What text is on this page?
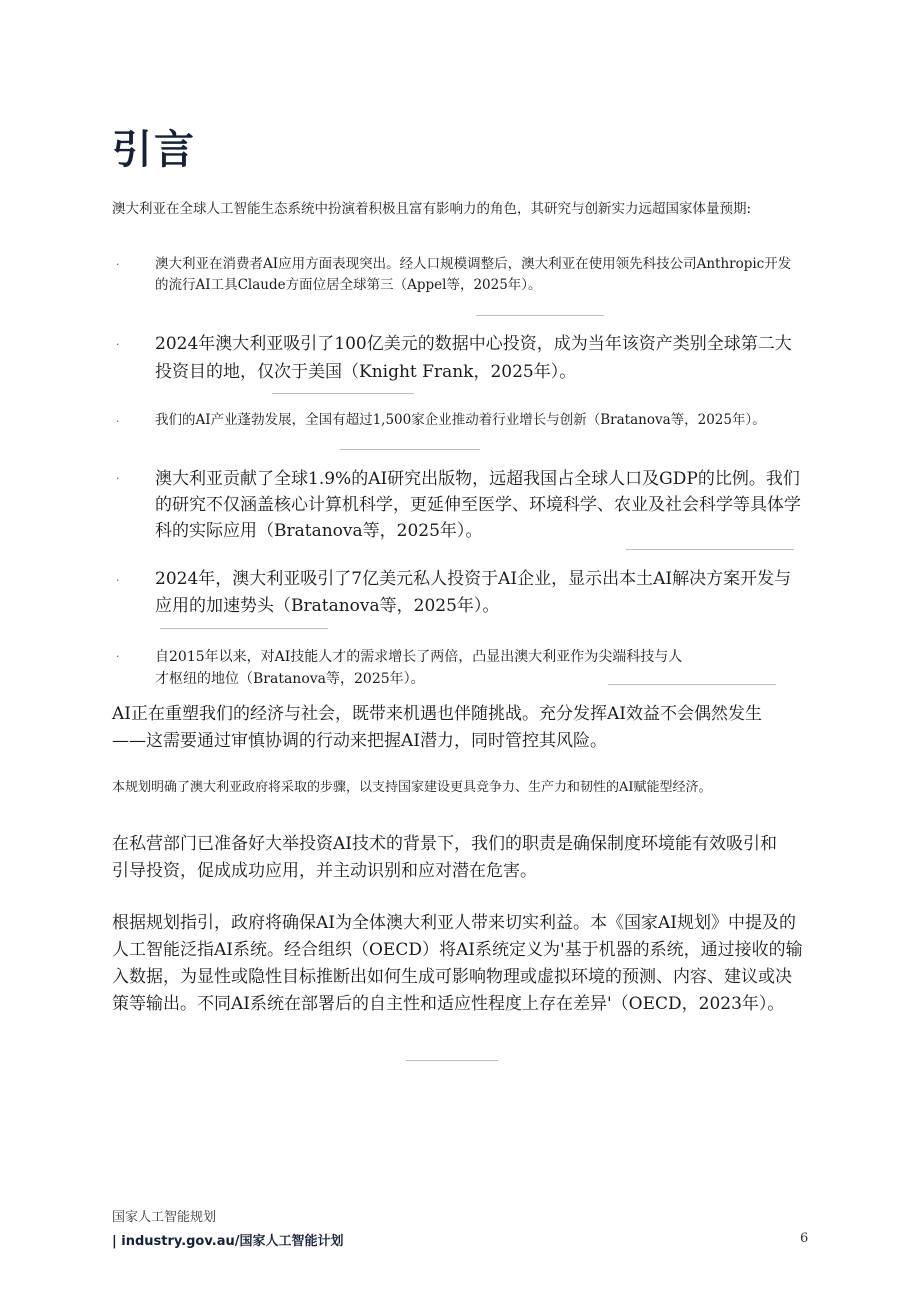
引言
澳大利亚在全球人工智能生态系统中扮演着积极且富有影响力的角色，其研究与创新实力远超国家体量预期:
·	澳大利亚在消费者AI应用方面表现突出。经人口规模调整后，澳大利亚在使用领先科技公司Anthropic开发的流行AI工具Claude方面位居全球第三（Appel等，2025年）。
· 2024年澳大利亚吸引了100亿美元的数据中心投资，成为当年该资产类别全球第二大投资目的地，仅次于美国（Knight Frank，2025年）。
·	我们的AI产业蓬勃发展，全国有超过1,500家企业推动着行业增长与创新（Bratanova等，2025年）。
· 澳大利亚贡献了全球1.9%的AI研究出版物，远超我国占全球人口及GDP的比例。我们的研究不仅涵盖核心计算机科学，更延伸至医学、环境科学、农业及社会科学等具体学科的实际应用（Bratanova等，2025年）。
· 2024年，澳大利亚吸引了7亿美元私人投资于AI企业，显示出本土AI解决方案开发与应用的加速势头（Bratanova等，2025年）。
·	自2015年以来，对AI技能人才的需求增长了两倍，凸显出澳大利亚作为尖端科技与人才枢纽的地位（Bratanova等，2025年）。
AI正在重塑我们的经济与社会，既带来机遇也伴随挑战。充分发挥AI效益不会偶然发生——这需要通过审慎协调的行动来把握AI潜力，同时管控其风险。
本规划明确了澳大利亚政府将采取的步骤，以支持国家建设更具竞争力、生产力和韧性的AI赋能型经济。
在私营部门已准备好大举投资AI技术的背景下，我们的职责是确保制度环境能有效吸引和引导投资，促成成功应用，并主动识别和应对潜在危害。
根据规划指引，政府将确保AI为全体澳大利亚人带来切实利益。本《国家AI规划》中提及的人工智能泛指AI系统。经合组织（OECD）将AI系统定义为'基于机器的系统，通过接收的输入数据，为显性或隐性目标推断出如何生成可影响物理或虚拟环境的预测、内容、建议或决策等输出。不同AI系统在部署后的自主性和适应性程度上存在差异'（OECD，2023年）。
国家人工智能规划
| industry.gov.au/国家人工智能计划	6
